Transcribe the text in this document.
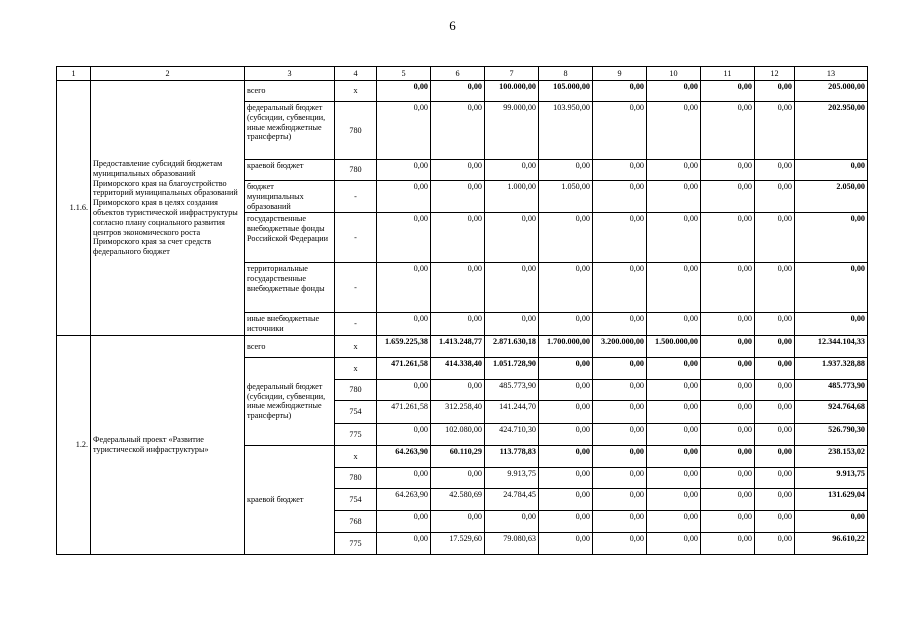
6
1	2	3	4	5	6	7	8	9	10	11	12	13
1.1.6.	Предоставление субсидий бюджетам муниципальных образований Приморского края на благоустройство территорий муниципальных образований Приморского края в целях создания объектов туристической инфраструктуры согласно плану социального развития центров экономического роста Приморского края за счет средств федерального бюджет	всего	x	0,00	0,00	100.000,00	105.000,00	0,00	0,00	0,00	0,00	205.000,00
		федеральный бюджет (субсидии, субвенции, иные межбюджетные трансферты)	780	0,00	0,00	99.000,00	103.950,00	0,00	0,00	0,00	0,00	202.950,00
		краевой бюджет	780	0,00	0,00	0,00	0,00	0,00	0,00	0,00	0,00	0,00
		бюджет муниципальных образований	-	0,00	0,00	1.000,00	1.050,00	0,00	0,00	0,00	0,00	2.050,00
		государственные внебюджетные фонды Российской Федерации	-	0,00	0,00	0,00	0,00	0,00	0,00	0,00	0,00	0,00
		территориальные государственные внебюджетные фонды	-	0,00	0,00	0,00	0,00	0,00	0,00	0,00	0,00	0,00
		иные внебюджетные источники	-	0,00	0,00	0,00	0,00	0,00	0,00	0,00	0,00	0,00
1.2.	Федеральный проект «Развитие туристической инфраструктуры»	всего	x	1.659.225,38	1.413.248,77	2.871.630,18	1.700.000,00	3.200.000,00	1.500.000,00	0,00	0,00	12.344.104,33
		федеральный бюджет (субсидии, субвенции, иные межбюджетные трансферты)	x	471.261,58	414.338,40	1.051.728,90	0,00	0,00	0,00	0,00	0,00	1.937.328,88
			780	0,00	0,00	485.773,90	0,00	0,00	0,00	0,00	0,00	485.773,90
			754	471.261,58	312.258,40	141.244,70	0,00	0,00	0,00	0,00	0,00	924.764,68
			775	0,00	102.080,00	424.710,30	0,00	0,00	0,00	0,00	0,00	526.790,30
		краевой бюджет	x	64.263,90	60.110,29	113.778,83	0,00	0,00	0,00	0,00	0,00	238.153,02
			780	0,00	0,00	9.913,75	0,00	0,00	0,00	0,00	0,00	9.913,75
			754	64.263,90	42.580,69	24.784,45	0,00	0,00	0,00	0,00	0,00	131.629,04
			768	0,00	0,00	0,00	0,00	0,00	0,00	0,00	0,00	0,00
			775	0,00	17.529,60	79.080,63	0,00	0,00	0,00	0,00	0,00	96.610,22
